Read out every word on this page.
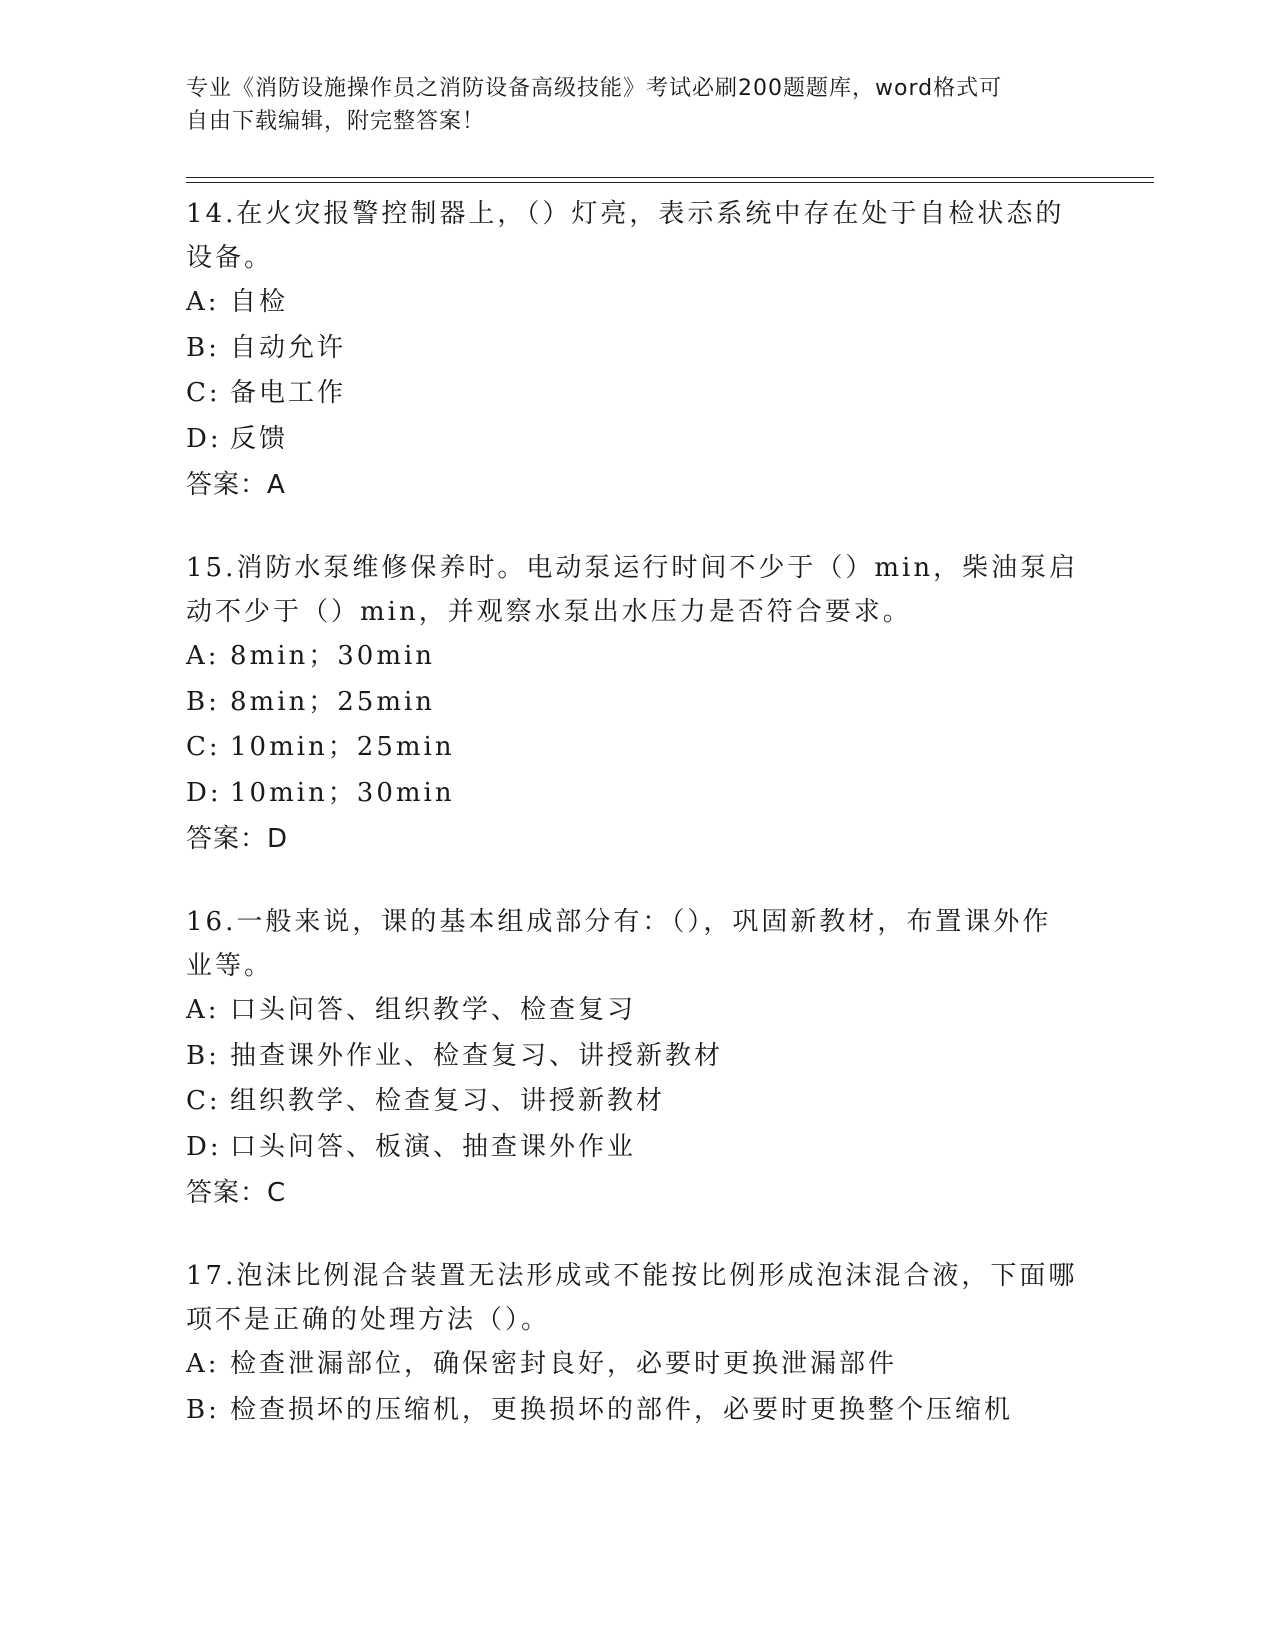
专业《消防设施操作员之消防设备高级技能》考试必刷200题题库，word格式可
自由下载编辑，附完整答案！

14.在火灾报警控制器上，（）灯亮，表示系统中存在处于自检状态的

设备。

A: 自检

B: 自动允许

C: 备电工作

D: 反馈

答案：A

15.消防水泵维修保养时。电动泵运行时间不少于（）min，柴油泵启

动不少于（）min，并观察水泵出水压力是否符合要求。

A: 8min；30min

B: 8min；25min

C: 10min；25min

D: 10min；30min

答案：D

16.一般来说，课的基本组成部分有：（），巩固新教材，布置课外作

业等。

A: 口头问答、组织教学、检查复习

B: 抽查课外作业、检查复习、讲授新教材

C: 组织教学、检查复习、讲授新教材

D: 口头问答、板演、抽查课外作业

答案：C

17.泡沫比例混合装置无法形成或不能按比例形成泡沫混合液，下面哪

项不是正确的处理方法（）。

A: 检查泄漏部位，确保密封良好，必要时更换泄漏部件

B: 检查损坏的压缩机，更换损坏的部件，必要时更换整个压缩机
